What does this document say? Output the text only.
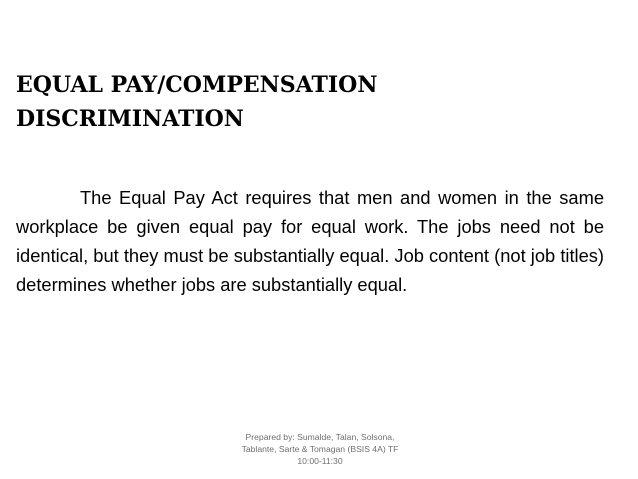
EQUAL PAY/COMPENSATION
DISCRIMINATION

The Equal Pay Act requires that men and women in the same workplace be given equal pay for equal work. The jobs need not be identical, but they must be substantially equal. Job content (not job titles) determines whether jobs are substantially equal.

Prepared by: Sumalde, Talan, Solsona,
Tablante, Sarte & Tomagan (BSIS 4A) TF
10:00-11:30
